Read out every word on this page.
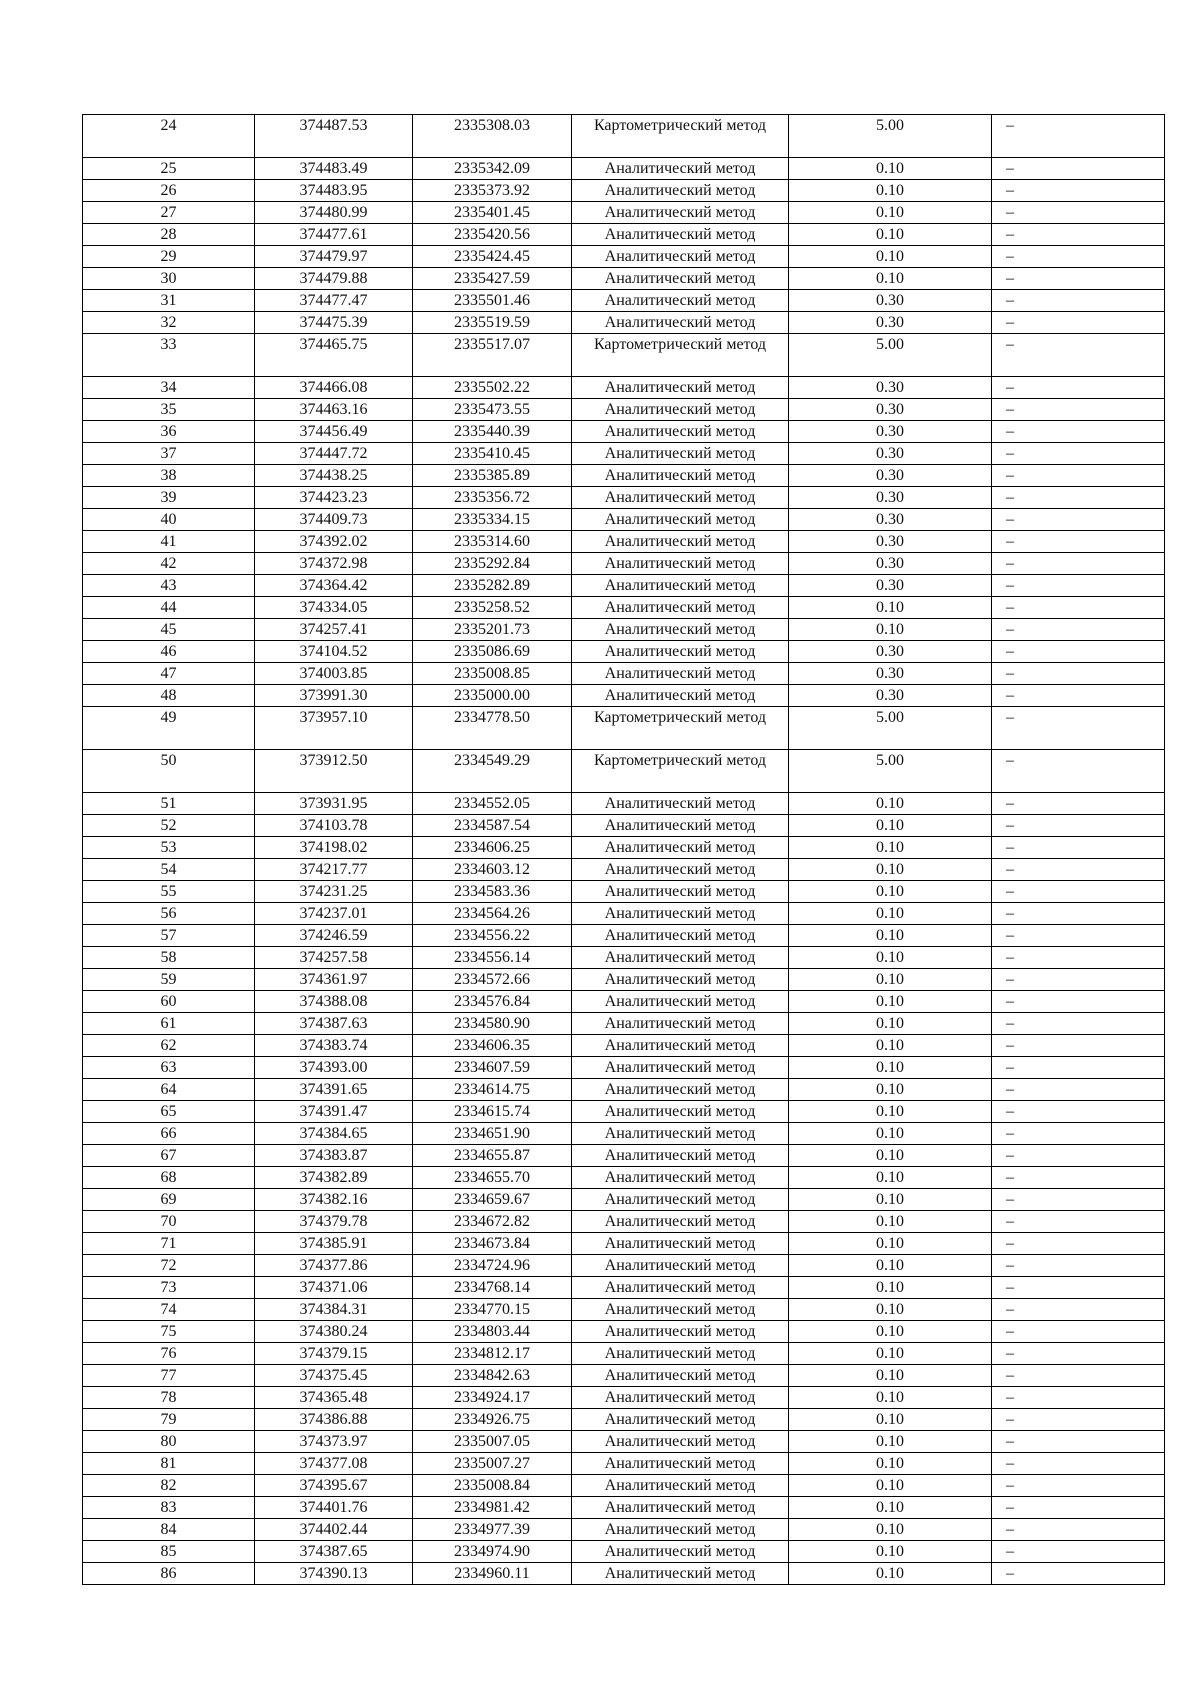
24	374487.53	2335308.03	Картометрический метод	5.00	–
25	374483.49	2335342.09	Аналитический метод	0.10	–
26	374483.95	2335373.92	Аналитический метод	0.10	–
27	374480.99	2335401.45	Аналитический метод	0.10	–
28	374477.61	2335420.56	Аналитический метод	0.10	–
29	374479.97	2335424.45	Аналитический метод	0.10	–
30	374479.88	2335427.59	Аналитический метод	0.10	–
31	374477.47	2335501.46	Аналитический метод	0.30	–
32	374475.39	2335519.59	Аналитический метод	0.30	–
33	374465.75	2335517.07	Картометрический метод	5.00	–
34	374466.08	2335502.22	Аналитический метод	0.30	–
35	374463.16	2335473.55	Аналитический метод	0.30	–
36	374456.49	2335440.39	Аналитический метод	0.30	–
37	374447.72	2335410.45	Аналитический метод	0.30	–
38	374438.25	2335385.89	Аналитический метод	0.30	–
39	374423.23	2335356.72	Аналитический метод	0.30	–
40	374409.73	2335334.15	Аналитический метод	0.30	–
41	374392.02	2335314.60	Аналитический метод	0.30	–
42	374372.98	2335292.84	Аналитический метод	0.30	–
43	374364.42	2335282.89	Аналитический метод	0.30	–
44	374334.05	2335258.52	Аналитический метод	0.10	–
45	374257.41	2335201.73	Аналитический метод	0.10	–
46	374104.52	2335086.69	Аналитический метод	0.30	–
47	374003.85	2335008.85	Аналитический метод	0.30	–
48	373991.30	2335000.00	Аналитический метод	0.30	–
49	373957.10	2334778.50	Картометрический метод	5.00	–
50	373912.50	2334549.29	Картометрический метод	5.00	–
51	373931.95	2334552.05	Аналитический метод	0.10	–
52	374103.78	2334587.54	Аналитический метод	0.10	–
53	374198.02	2334606.25	Аналитический метод	0.10	–
54	374217.77	2334603.12	Аналитический метод	0.10	–
55	374231.25	2334583.36	Аналитический метод	0.10	–
56	374237.01	2334564.26	Аналитический метод	0.10	–
57	374246.59	2334556.22	Аналитический метод	0.10	–
58	374257.58	2334556.14	Аналитический метод	0.10	–
59	374361.97	2334572.66	Аналитический метод	0.10	–
60	374388.08	2334576.84	Аналитический метод	0.10	–
61	374387.63	2334580.90	Аналитический метод	0.10	–
62	374383.74	2334606.35	Аналитический метод	0.10	–
63	374393.00	2334607.59	Аналитический метод	0.10	–
64	374391.65	2334614.75	Аналитический метод	0.10	–
65	374391.47	2334615.74	Аналитический метод	0.10	–
66	374384.65	2334651.90	Аналитический метод	0.10	–
67	374383.87	2334655.87	Аналитический метод	0.10	–
68	374382.89	2334655.70	Аналитический метод	0.10	–
69	374382.16	2334659.67	Аналитический метод	0.10	–
70	374379.78	2334672.82	Аналитический метод	0.10	–
71	374385.91	2334673.84	Аналитический метод	0.10	–
72	374377.86	2334724.96	Аналитический метод	0.10	–
73	374371.06	2334768.14	Аналитический метод	0.10	–
74	374384.31	2334770.15	Аналитический метод	0.10	–
75	374380.24	2334803.44	Аналитический метод	0.10	–
76	374379.15	2334812.17	Аналитический метод	0.10	–
77	374375.45	2334842.63	Аналитический метод	0.10	–
78	374365.48	2334924.17	Аналитический метод	0.10	–
79	374386.88	2334926.75	Аналитический метод	0.10	–
80	374373.97	2335007.05	Аналитический метод	0.10	–
81	374377.08	2335007.27	Аналитический метод	0.10	–
82	374395.67	2335008.84	Аналитический метод	0.10	–
83	374401.76	2334981.42	Аналитический метод	0.10	–
84	374402.44	2334977.39	Аналитический метод	0.10	–
85	374387.65	2334974.90	Аналитический метод	0.10	–
86	374390.13	2334960.11	Аналитический метод	0.10	–
